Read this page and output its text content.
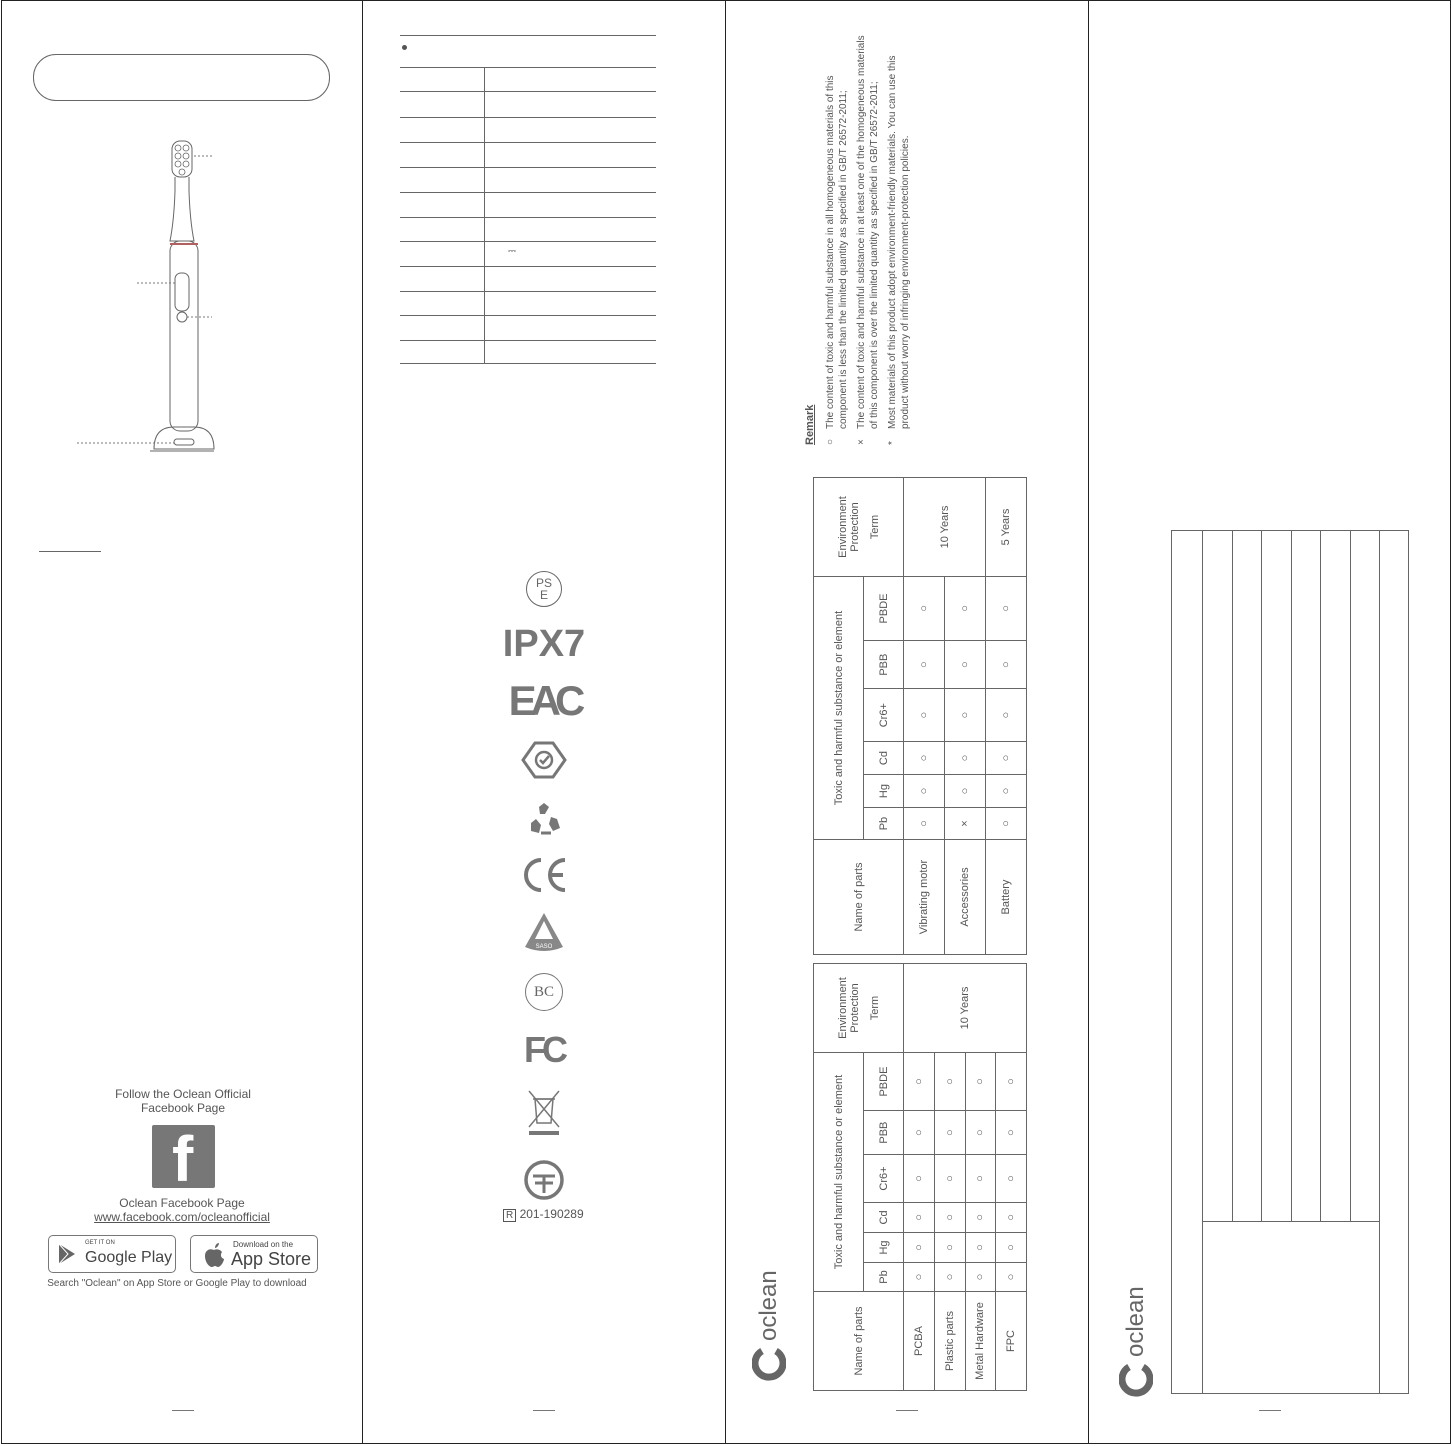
Follow the Oclean Official Facebook Page
f
Oclean Facebook Page
www.facebook.com/ocleanofficial
GET IT ON
Google Play
Download on the
App Store
Search "Oclean" on App Store or Google Play to download
⎓
PS
E
IPX7
EAC
SASO
BC
FC
R 201-190289
Remark ○
The content of toxic and harmful substance in all homogeneous materials of this component is less than the limited quantity as specified in GB/T 26572-2011;
×
The content of toxic and harmful substance in at least one of the homogeneous materials of this component is over the limited quantity as specified in GB/T 26572-2011;
*
Most materials of this product adopt environment-friendly materials. You can use this product without worry of infringing environment-protection policies.
Name of parts	Toxic and harmful substance or element						Environment Protection Term

	Pb	Hg	Cd	Cr6+	PBB	PBDE	
Vibrating motor	○	○	○	○	○	○	10 Years
Accessories	×	○	○	○	○	○	
Battery	○	○	○	○	○	○	5 Years
Name of parts	Toxic and harmful substance or element						Environment Protection Term

	Pb	Hg	Cd	Cr6+	PBB	PBDE	
PCBA	○	○	○	○	○	○	10 Years
Plastic parts	○	○	○	○	○	○	
Metal Hardware	○	○	○	○	○	○	
FPC	○	○	○	○	○	○	
oclean	oclean
